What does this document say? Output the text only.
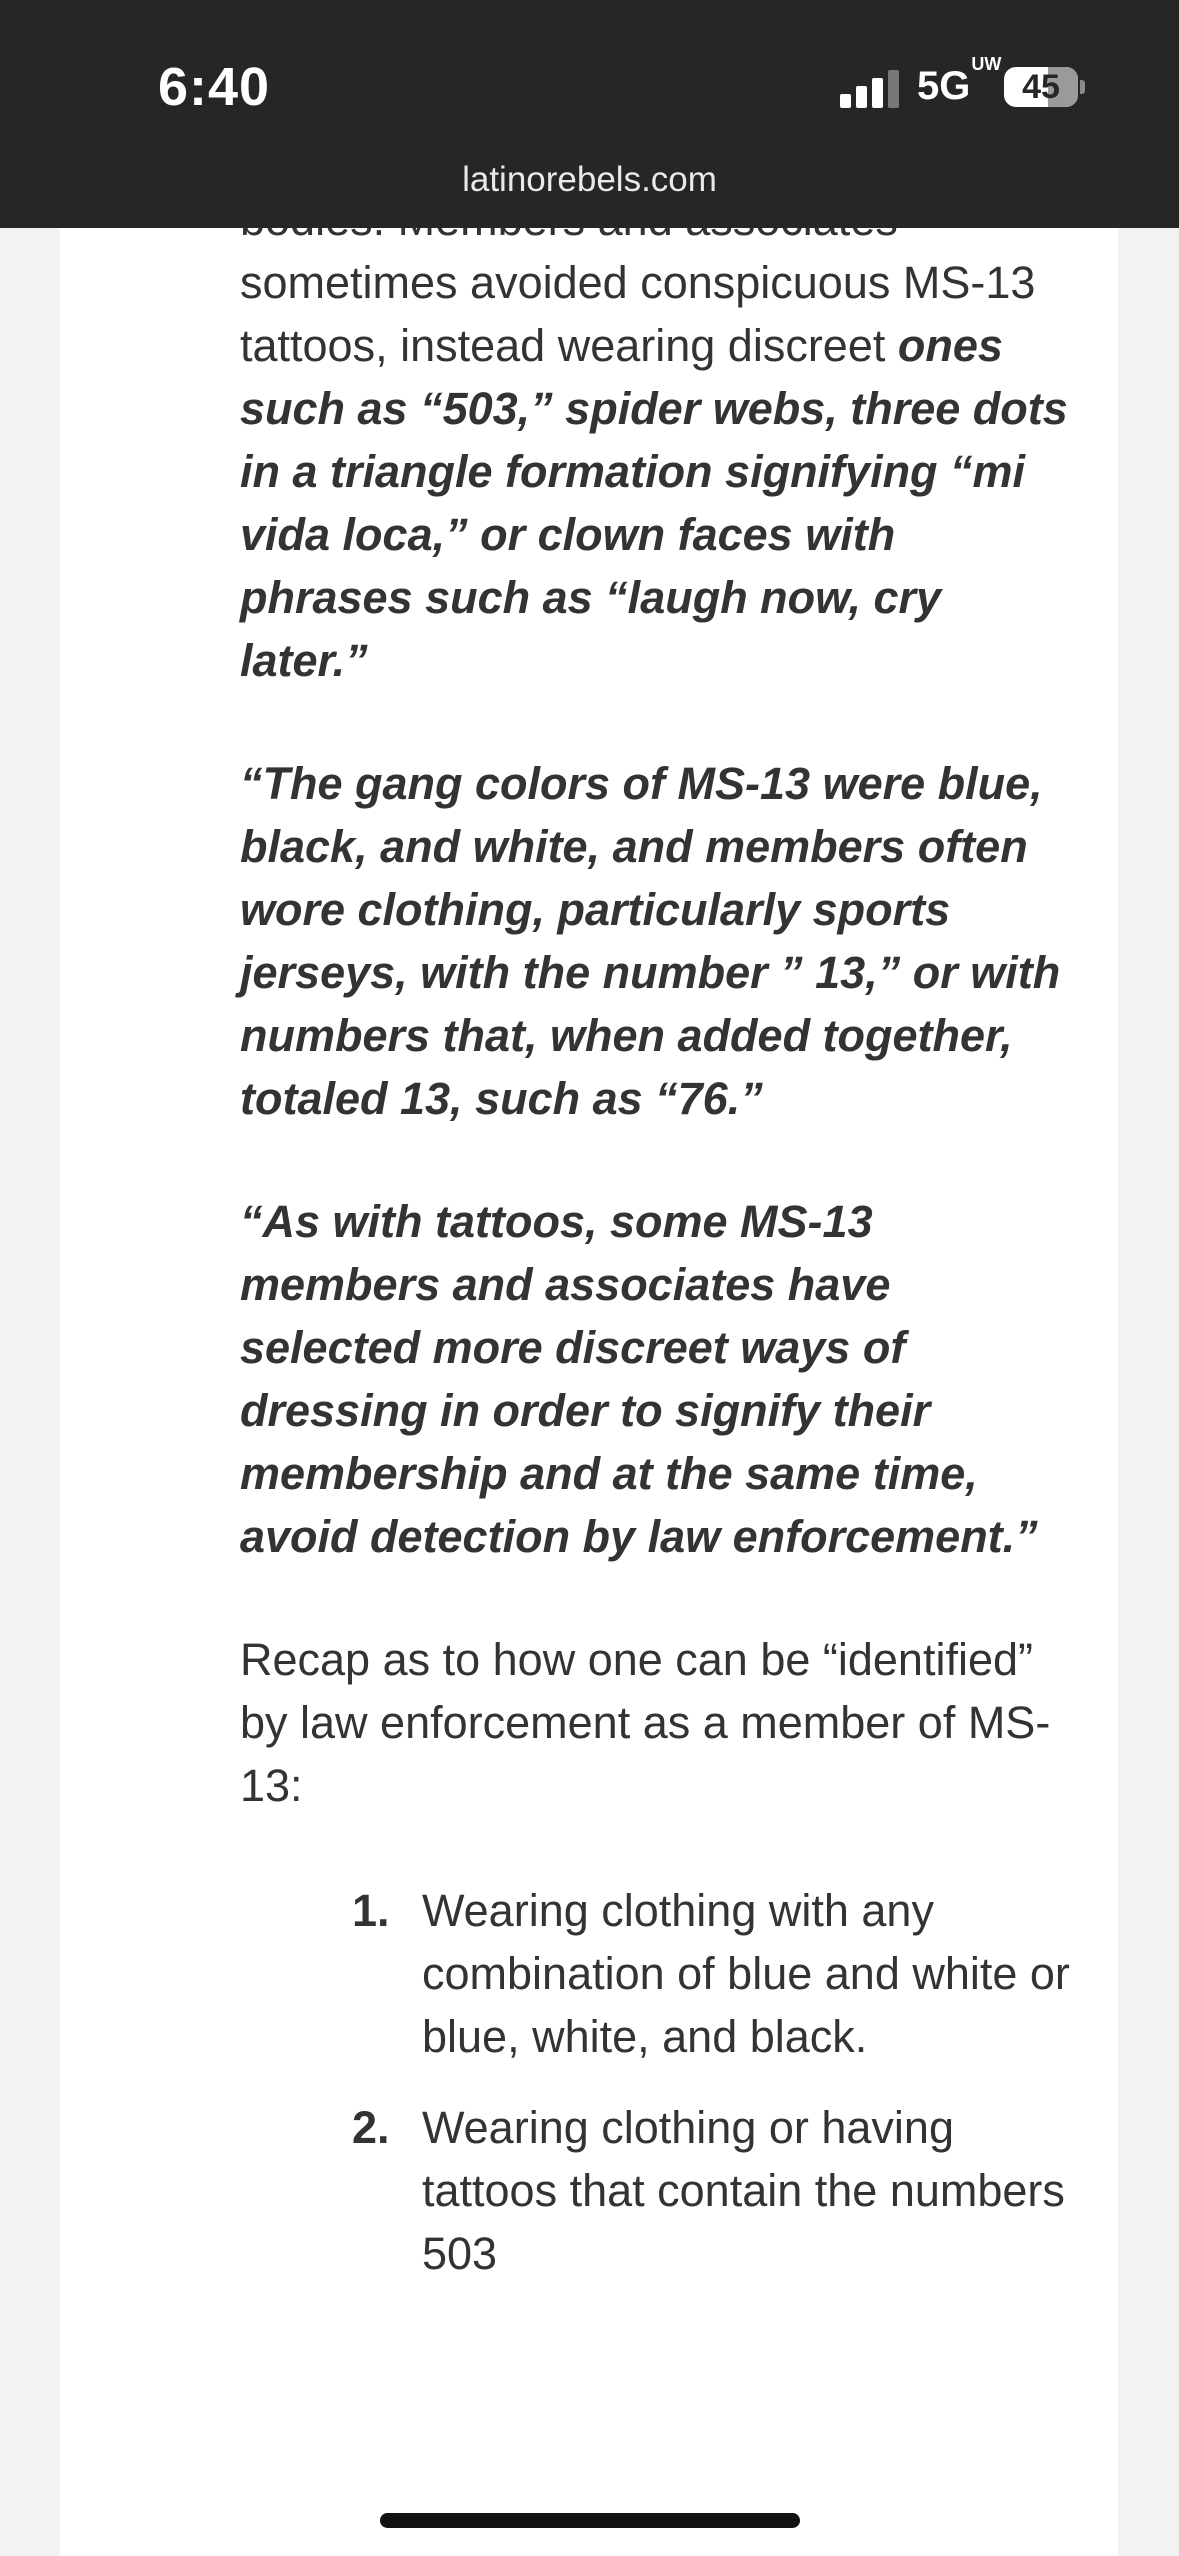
sometimes avoided conspicuous MS-13 tattoos, instead wearing discreet ones such as “503,” spider webs, three dots in a triangle formation signifying “mi vida loca,” or clown faces with phrases such as “laugh now, cry later.”

“The gang colors of MS-13 were blue, black, and white, and members often wore clothing, particularly sports jerseys, with the number ” 13,” or with numbers that, when added together, totaled 13, such as “76.”

“As with tattoos, some MS-13 members and associates have selected more discreet ways of dressing in order to signify their membership and at the same time, avoid detection by law enforcement.”

Recap as to how one can be “identified” by law enforcement as a member of MS-13:

1. Wearing clothing with any combination of blue and white or blue, white, and black.
2. Wearing clothing or having tattoos that contain the numbers 503
6:40	$5G^{UW}$
45
latinorebels.com
